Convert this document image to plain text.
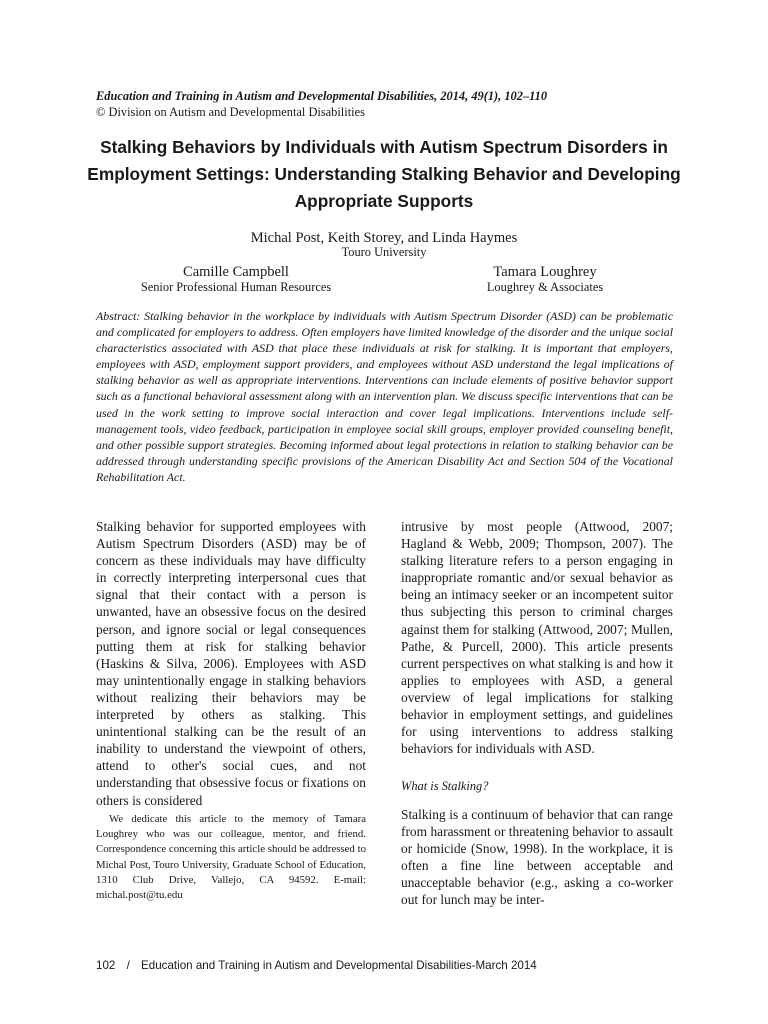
Education and Training in Autism and Developmental Disabilities, 2014, 49(1), 102–110
© Division on Autism and Developmental Disabilities
Stalking Behaviors by Individuals with Autism Spectrum Disorders in Employment Settings: Understanding Stalking Behavior and Developing Appropriate Supports
Michal Post, Keith Storey, and Linda Haymes
Touro University
Camille Campbell
Senior Professional Human Resources
Tamara Loughrey
Loughrey & Associates
Abstract: Stalking behavior in the workplace by individuals with Autism Spectrum Disorder (ASD) can be problematic and complicated for employers to address. Often employers have limited knowledge of the disorder and the unique social characteristics associated with ASD that place these individuals at risk for stalking. It is important that employers, employees with ASD, employment support providers, and employees without ASD understand the legal implications of stalking behavior as well as appropriate interventions. Interventions can include elements of positive behavior support such as a functional behavioral assessment along with an intervention plan. We discuss specific interventions that can be used in the work setting to improve social interaction and cover legal implications. Interventions include self-management tools, video feedback, participation in employee social skill groups, employer provided counseling benefit, and other possible support strategies. Becoming informed about legal protections in relation to stalking behavior can be addressed through understanding specific provisions of the American Disability Act and Section 504 of the Vocational Rehabilitation Act.
Stalking behavior for supported employees with Autism Spectrum Disorders (ASD) may be of concern as these individuals may have difficulty in correctly interpreting interpersonal cues that signal that their contact with a person is unwanted, have an obsessive focus on the desired person, and ignore social or legal consequences putting them at risk for stalking behavior (Haskins & Silva, 2006). Employees with ASD may unintentionally engage in stalking behaviors without realizing their behaviors may be interpreted by others as stalking. This unintentional stalking can be the result of an inability to understand the viewpoint of others, attend to other's social cues, and not understanding that obsessive focus or fixations on others is considered
intrusive by most people (Attwood, 2007; Hagland & Webb, 2009; Thompson, 2007). The stalking literature refers to a person engaging in inappropriate romantic and/or sexual behavior as being an intimacy seeker or an incompetent suitor thus subjecting this person to criminal charges against them for stalking (Attwood, 2007; Mullen, Pathe, & Purcell, 2000). This article presents current perspectives on what stalking is and how it applies to employees with ASD, a general overview of legal implications for stalking behavior in employment settings, and guidelines for using interventions to address stalking behaviors for individuals with ASD.
What is Stalking?
Stalking is a continuum of behavior that can range from harassment or threatening behavior to assault or homicide (Snow, 1998). In the workplace, it is often a fine line between acceptable and unacceptable behavior (e.g., asking a co-worker out for lunch may be inter-
We dedicate this article to the memory of Tamara Loughrey who was our colleague, mentor, and friend. Correspondence concerning this article should be addressed to Michal Post, Touro University, Graduate School of Education, 1310 Club Drive, Vallejo, CA 94592. E-mail: michal.post@tu.edu
102 / Education and Training in Autism and Developmental Disabilities-March 2014
